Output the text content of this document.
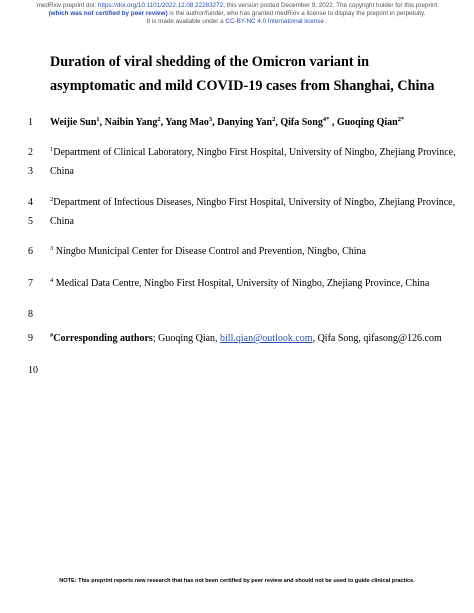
medRxiv preprint doi: https://doi.org/10.1101/2022.12.08.22283272; this version posted December 9, 2022. The copyright holder for this preprint
(which was not certified by peer review) is the author/funder, who has granted medRxiv a license to display the preprint in perpetuity.
It is made available under a CC-BY-NC 4.0 International license .
Duration of viral shedding of the Omicron variant in asymptomatic and mild COVID-19 cases from Shanghai, China
1
2
3
4
5
6
7
8
9
10
Weijie Sun$^1$, Naibin Yang$^2$, Yang Mao$^3$, Danying Yan$^2$, Qifa Song$^{4*}$ , Guoqing Qian$^{2*}$
$^1$Department of Clinical Laboratory, Ningbo First Hospital, University of Ningbo, Zhejiang Province,
China
$^2$Department of Infectious Diseases, Ningbo First Hospital, University of Ningbo, Zhejiang Province,
China
$^3$ Ningbo Municipal Center for Disease Control and Prevention, Ningbo, China
$^4$ Medical Data Centre, Ningbo First Hospital, University of Ningbo, Zhejiang Province, China
#Corresponding authors; Guoqing Qian, bill.qian@outlook.com, Qifa Song, qifasong@126.com
NOTE: This preprint reports new research that has not been certified by peer review and should not be used to guide clinical practice.
